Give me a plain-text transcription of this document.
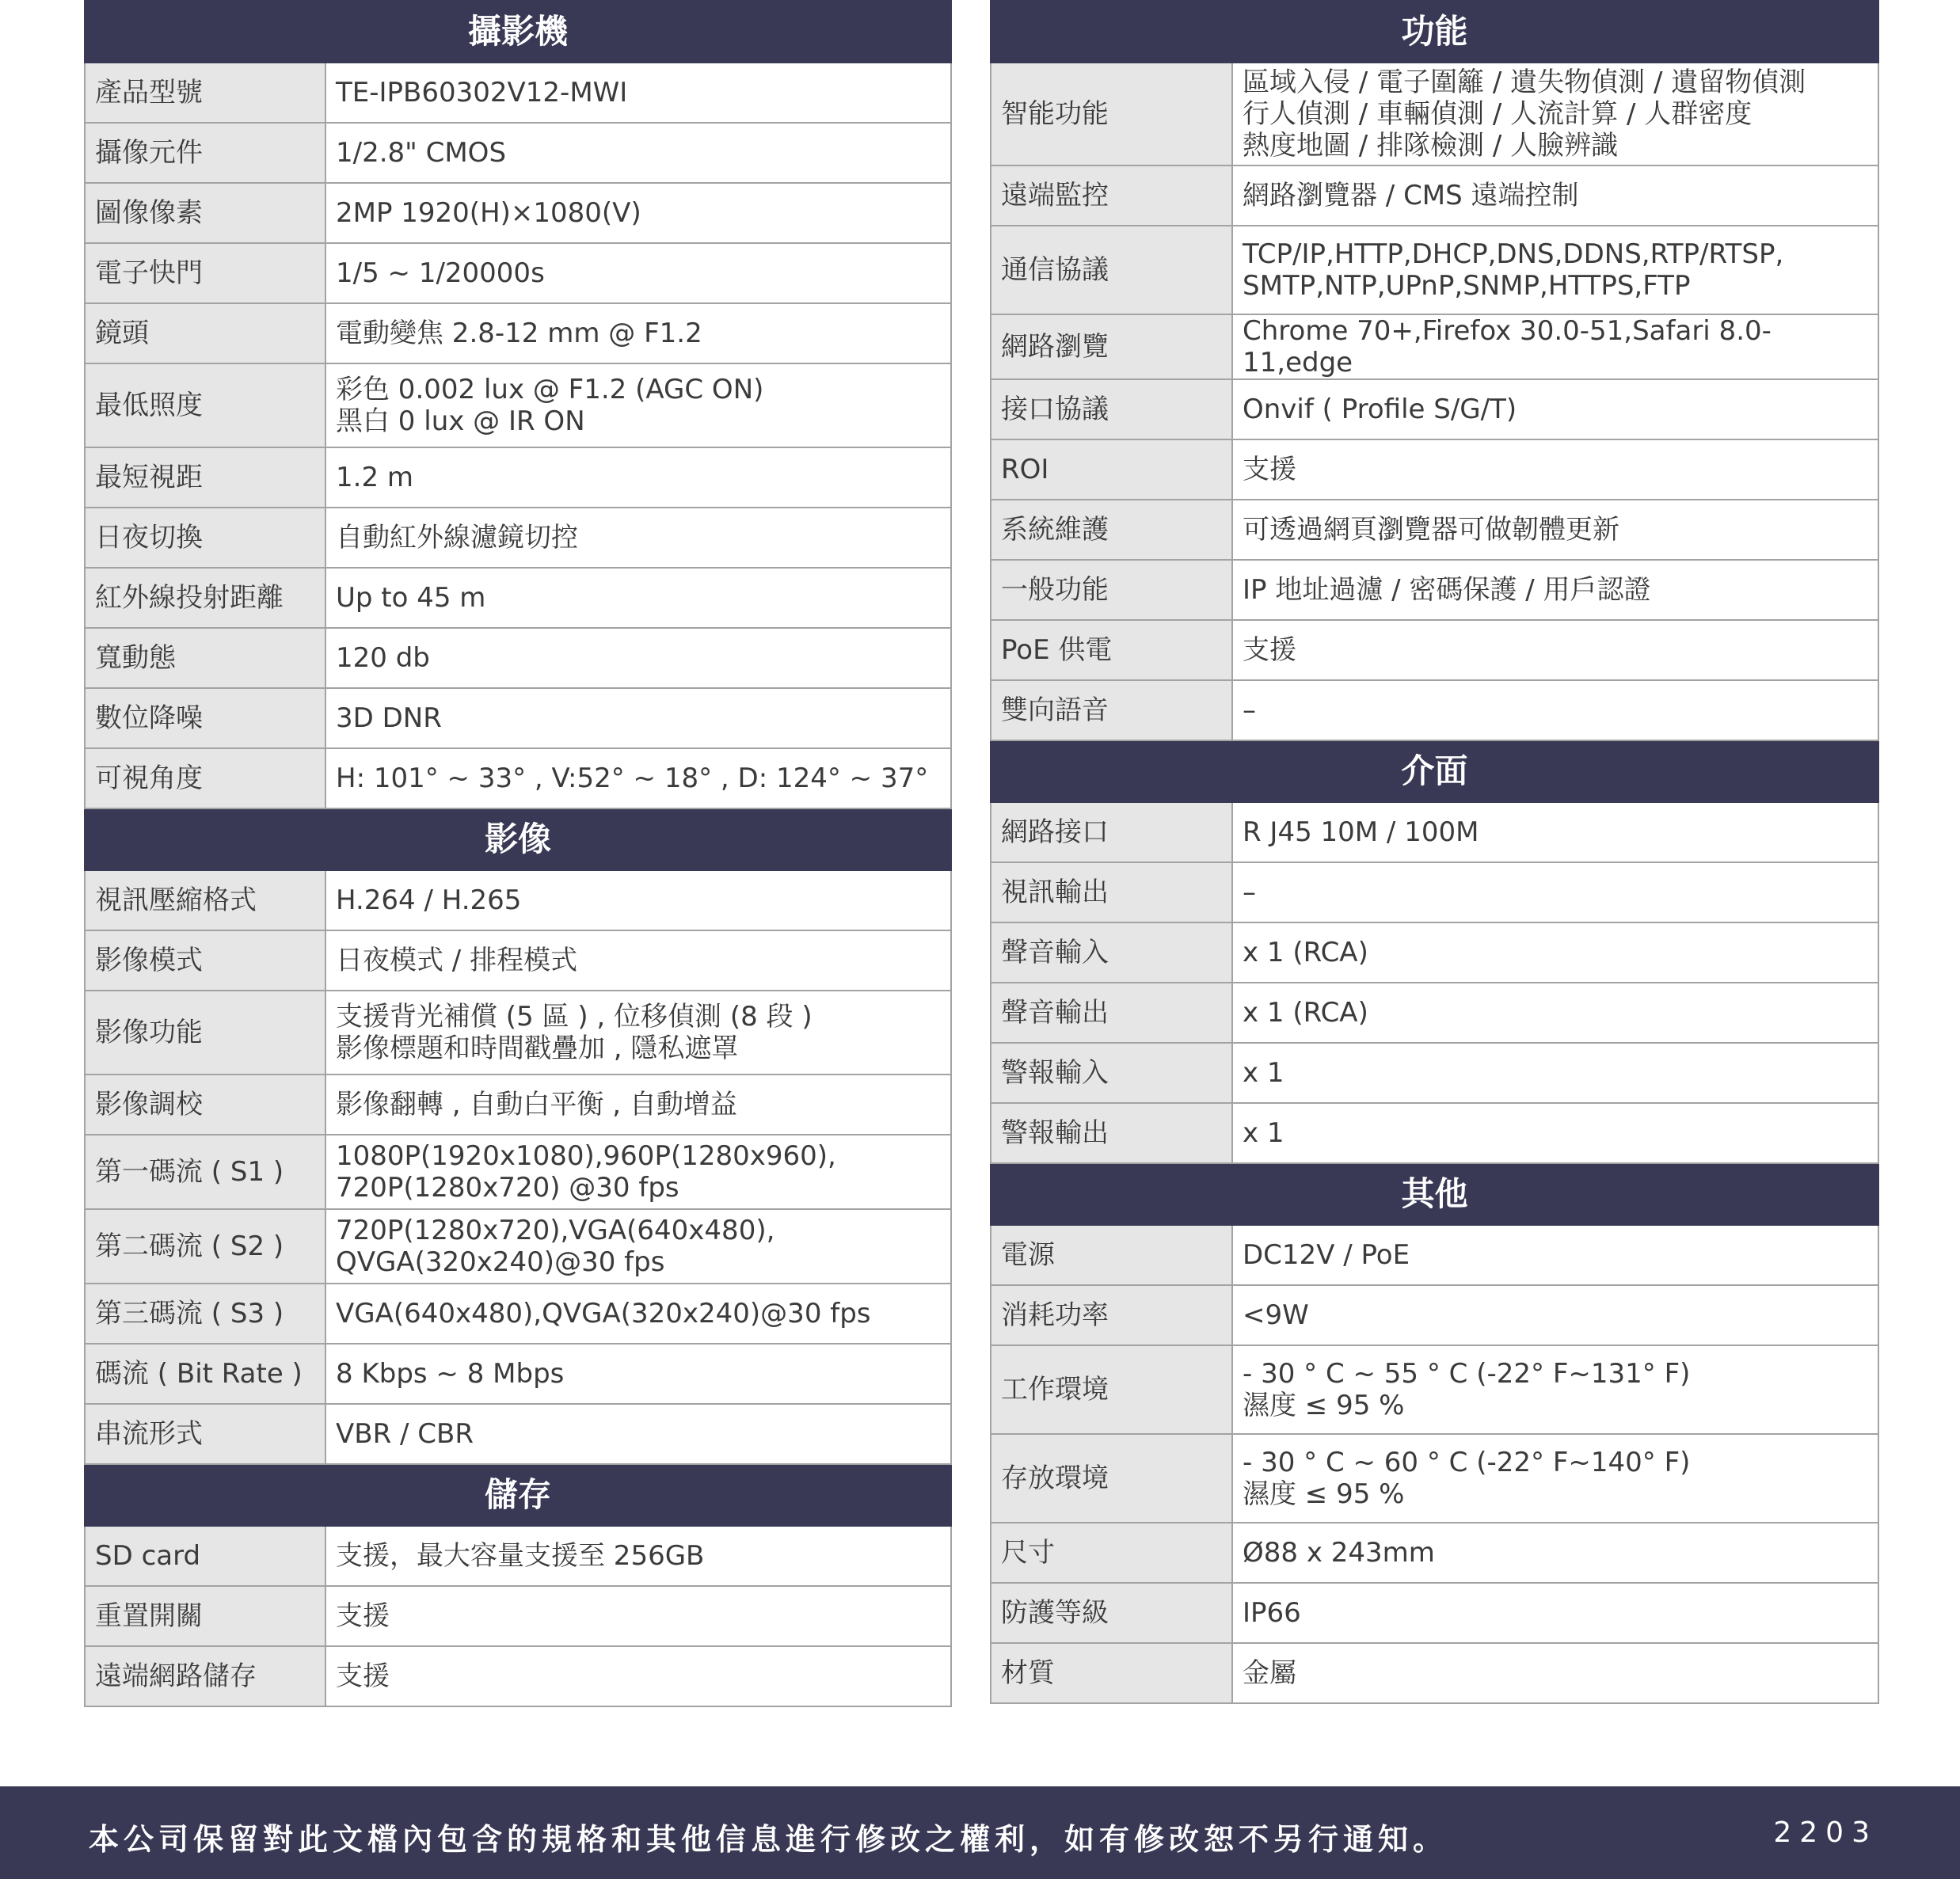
攝影機	
產品型號	TE-IPB60302V12-MWI

攝像元件	1/2.8" CMOS

圖像像素	2MP 1920(H)×1080(V)

電子快門	1/5 ~ 1/20000s

鏡頭	電動變焦 2.8-12 mm @ F1.2

最低照度	彩色 0.002 lux @ F1.2 (AGC ON)
黑白 0 lux @ IR ON

最短視距	1.2 m

日夜切換	自動紅外線濾鏡切控

紅外線投射距離	Up to 45 m

寬動態	120 db

數位降噪	3D DNR

可視角度	H: 101° ~ 33° , V:52° ~ 18° , D: 124° ~ 37°

影像	
視訊壓縮格式	H.264 / H.265

影像模式	日夜模式 / 排程模式

影像功能	支援背光補償 (5 區 ) , 位移偵測 (8 段 )
影像標題和時間戳疊加 , 隱私遮罩

影像調校	影像翻轉 , 自動白平衡 , 自動增益

第一碼流 ( S1 )	1080P(1920x1080),960P(1280x960),
720P(1280x720) @30 fps

第二碼流 ( S2 )	720P(1280x720),VGA(640x480),
QVGA(320x240)@30 fps

第三碼流 ( S3 )	VGA(640x480),QVGA(320x240)@30 fps

碼流 ( Bit Rate )	8 Kbps ~ 8 Mbps

串流形式	VBR / CBR

儲存	
SD card	支援，最大容量支援至 256GB

重置開關	支援

遠端網路儲存	支援
功能	
智能功能	區域入侵 / 電子圍籬 / 遺失物偵測 / 遺留物偵測
行人偵測 / 車輛偵測 / 人流計算 / 人群密度
熱度地圖 / 排隊檢測 / 人臉辨識

遠端監控	網路瀏覽器 / CMS 遠端控制

通信協議	TCP/IP,HTTP,DHCP,DNS,DDNS,RTP/RTSP,
SMTP,NTP,UPnP,SNMP,HTTPS,FTP

網路瀏覽	Chrome 70+,Firefox 30.0-51,Safari 8.0-11,edge

接口協議	Onvif ( Profile S/G/T)

ROI	支援

系統維護	可透過網頁瀏覽器可做韌體更新

一般功能	IP 地址過濾 / 密碼保護 / 用戶認證

PoE 供電	支援

雙向語音	–

介面	
網路接口	R J45 10M / 100M

視訊輸出	–

聲音輸入	x 1 (RCA)

聲音輸出	x 1 (RCA)

警報輸入	x 1

警報輸出	x 1

其他	
電源	DC12V / PoE

消耗功率	<9W

工作環境	- 30 ° C ~ 55 ° C (-22° F~131° F)
濕度 ≤ 95 %

存放環境	- 30 ° C ~ 60 ° C (-22° F~140° F)
濕度 ≤ 95 %

尺寸	Ø88 x 243mm

防護等級	IP66

材質	金屬
本公司保留對此文檔內包含的規格和其他信息進行修改之權利，如有修改恕不另行通知。	2203
